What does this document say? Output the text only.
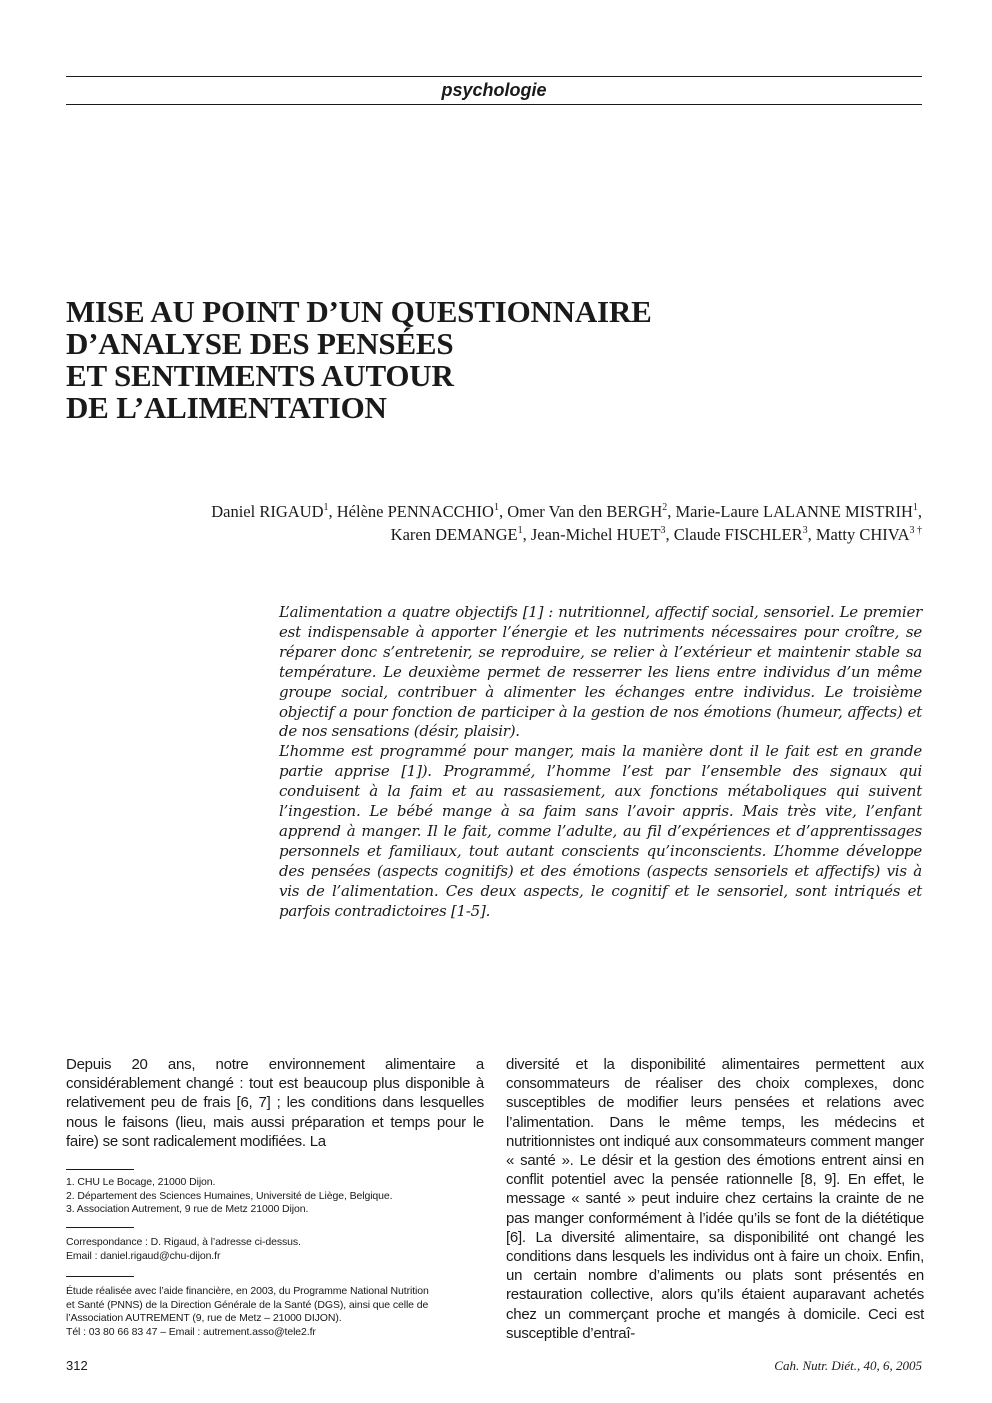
psychologie
MISE AU POINT D’UN QUESTIONNAIRE
D’ANALYSE DES PENSÉES
ET SENTIMENTS AUTOUR
DE L’ALIMENTATION
Daniel RIGAUD$^1$, Hélène PENNACCHIO$^1$, Omer Van den BERGH$^2$, Marie-Laure LALANNE MISTRIH$^1$,
Karen DEMANGE$^1$, Jean-Michel HUET$^3$, Claude FISCHLER$^3$, Matty $CHIVA^{3 \dagger}$

L’alimentation a quatre objectifs [1] : nutritionnel, affectif social, sensoriel. Le premier est indispensable à apporter l’énergie et les nutriments nécessaires pour croître, se réparer donc s’entretenir, se reproduire, se relier à l’extérieur et maintenir stable sa température. Le deuxième permet de resserrer les liens entre individus d’un même groupe social, contribuer à alimenter les échanges entre individus. Le troisième objectif a pour fonction de participer à la gestion de nos émotions (humeur, affects) et de nos sensations (désir, plaisir).

L’homme est programmé pour manger, mais la manière dont il le fait est en grande partie apprise [1]). Programmé, l’homme l’est par l’ensemble des signaux qui conduisent à la faim et au rassasiement, aux fonctions métaboliques qui suivent l’ingestion. Le bébé mange à sa faim sans l’avoir appris. Mais très vite, l’enfant apprend à manger. Il le fait, comme l’adulte, au fil d’expériences et d’apprentissages personnels et familiaux, tout autant conscients qu’inconscients. L’homme développe des pensées (aspects cognitifs) et des émotions (aspects sensoriels et affectifs) vis à vis de l’alimentation. Ces deux aspects, le cognitif et le sensoriel, sont intriqués et parfois contradictoires [1-5].

Depuis 20 ans, notre environnement alimentaire a considérablement changé : tout est beaucoup plus disponible à relativement peu de frais [6, 7] ; les conditions dans lesquelles nous le faisons (lieu, mais aussi préparation et temps pour le faire) se sont radicalement modifiées. La

diversité et la disponibilité alimentaires permettent aux consommateurs de réaliser des choix complexes, donc susceptibles de modifier leurs pensées et relations avec l’alimentation. Dans le même temps, les médecins et nutritionnistes ont indiqué aux consommateurs comment manger « santé ». Le désir et la gestion des émotions entrent ainsi en conflit potentiel avec la pensée rationnelle [8, 9]. En effet, le message « santé » peut induire chez certains la crainte de ne pas manger conformément à l’idée qu’ils se font de la diététique [6]. La diversité alimentaire, sa disponibilité ont changé les conditions dans lesquels les individus ont à faire un choix. Enfin, un certain nombre d’aliments ou plats sont présentés en restauration collective, alors qu’ils étaient auparavant achetés chez un commerçant proche et mangés à domicile. Ceci est susceptible d’entraî-

1. CHU Le Bocage, 21000 Dijon.
2. Département des Sciences Humaines, Université de Liège, Belgique.
3. Association Autrement, 9 rue de Metz 21000 Dijon.
Correspondance : D. Rigaud, à l’adresse ci-dessus.
Email : daniel.rigaud@chu-dijon.fr
Étude réalisée avec l’aide financière, en 2003, du Programme National Nutrition
et Santé (PNNS) de la Direction Générale de la Santé (DGS), ainsi que celle de
l’Association AUTREMENT (9, rue de Metz – 21000 DIJON).
Tél : 03 80 66 83 47 – Email : autrement.asso@tele2.fr
312	Cah. Nutr. Diét., 40, 6, 2005
